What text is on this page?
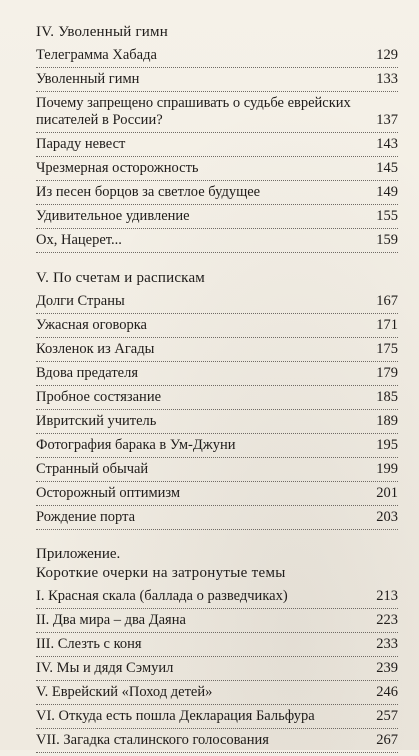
IV. Уволенный гимн
Телеграмма Хабада	129
Уволенный гимн	133
Почему запрещено спрашивать о судьбе еврейских писателей в России?	137
Параду невест	143
Чрезмерная осторожность	145
Из песен борцов за светлое будущее	149
Удивительное удивление	155
Ох, Нацерет...	159
V. По счетам и распискам
Долги Страны	167
Ужасная оговорка	171
Козленок из Агады	175
Вдова предателя	179
Пробное состязание	185
Ивритский учитель	189
Фотография барака в Ум-Джуни	195
Странный обычай	199
Осторожный оптимизм	201
Рождение порта	203
Приложение.
Короткие очерки на затронутые темы
I. Красная скала (баллада о разведчиках)	213
II. Два мира – два Даяна	223
III. Слезть с коня	233
IV. Мы и дядя Сэмуил	239
V. Еврейский «Поход детей»	246
VI. Откуда есть пошла Декларация Бальфура	257
VII. Загадка сталинского голосования	267
